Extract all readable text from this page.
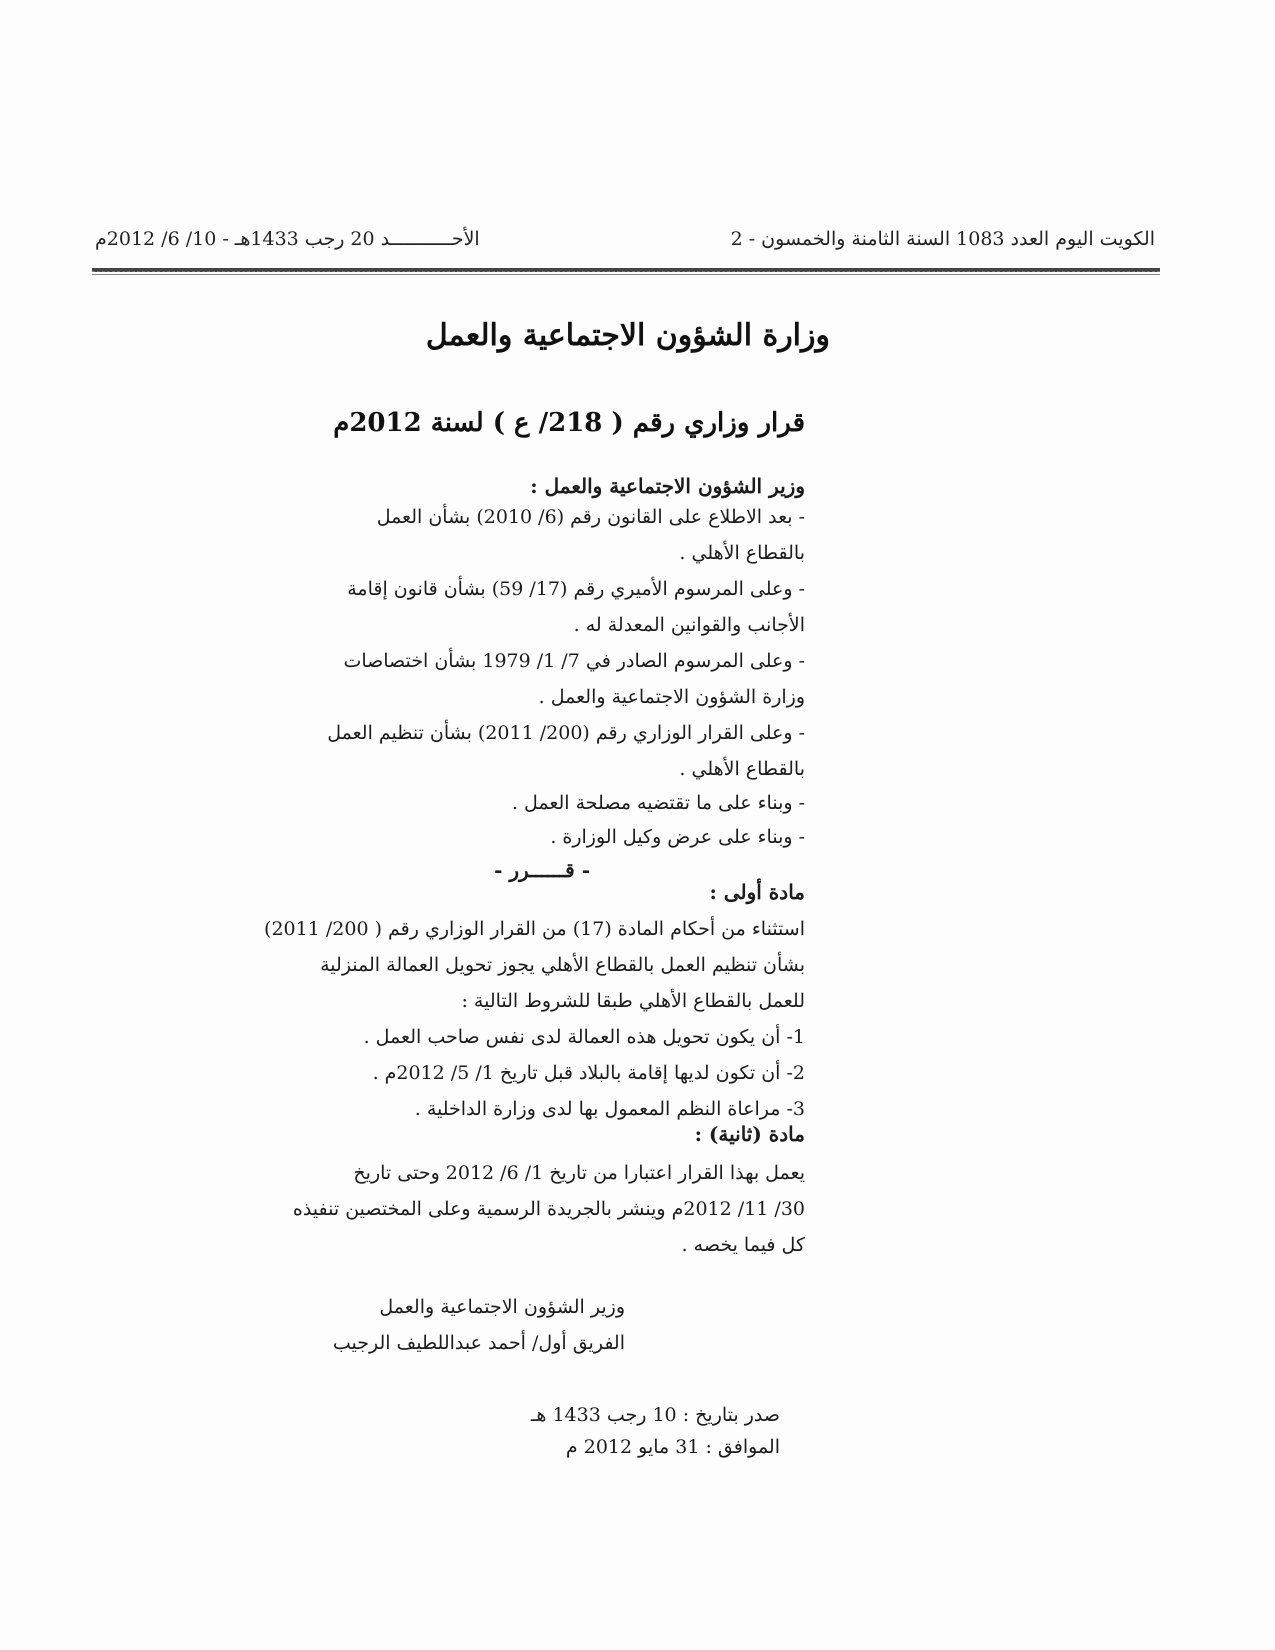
الكويت اليوم العدد 1083 السنة الثامنة والخمسون - 2
الأحـــــــــــد 20 رجب 1433هـ - 10/ 6/ 2012م
وزارة الشؤون الاجتماعية والعمل
قرار وزاري رقم ( 218/ ع ) لسنة 2012م
وزير الشؤون الاجتماعية والعمل :
- بعد الاطلاع على القانون رقم (6/ 2010) بشأن العمل
بالقطاع الأهلي .
- وعلى المرسوم الأميري رقم (17/ 59) بشأن قانون إقامة
الأجانب والقوانين المعدلة له .
- وعلى المرسوم الصادر في 7/ 1/ 1979 بشأن اختصاصات
وزارة الشؤون الاجتماعية والعمل .
- وعلى القرار الوزاري رقم (200/ 2011) بشأن تنظيم العمل
بالقطاع الأهلي .
- وبناء على ما تقتضيه مصلحة العمل .
- وبناء على عرض وكيل الوزارة .
- قــــــرر -
مادة أولى :
استثناء من أحكام المادة (17) من القرار الوزاري رقم ( 200/ 2011)
بشأن تنظيم العمل بالقطاع الأهلي يجوز تحويل العمالة المنزلية
للعمل بالقطاع الأهلي طبقا للشروط التالية :
1- أن يكون تحويل هذه العمالة لدى نفس صاحب العمل .
2- أن تكون لديها إقامة بالبلاد قبل تاريخ 1/ 5/ 2012م .
3- مراعاة النظم المعمول بها لدى وزارة الداخلية .
مادة (ثانية) :
يعمل بهذا القرار اعتبارا من تاريخ 1/ 6/ 2012 وحتى تاريخ
30/ 11/ 2012م وينشر بالجريدة الرسمية وعلى المختصين تنفيذه
كل فيما يخصه .
وزير الشؤون الاجتماعية والعمل
الفريق أول/ أحمد عبداللطيف الرجيب
صدر بتاريخ : 10 رجب 1433 هـ
الموافق : 31 مايو 2012 م
